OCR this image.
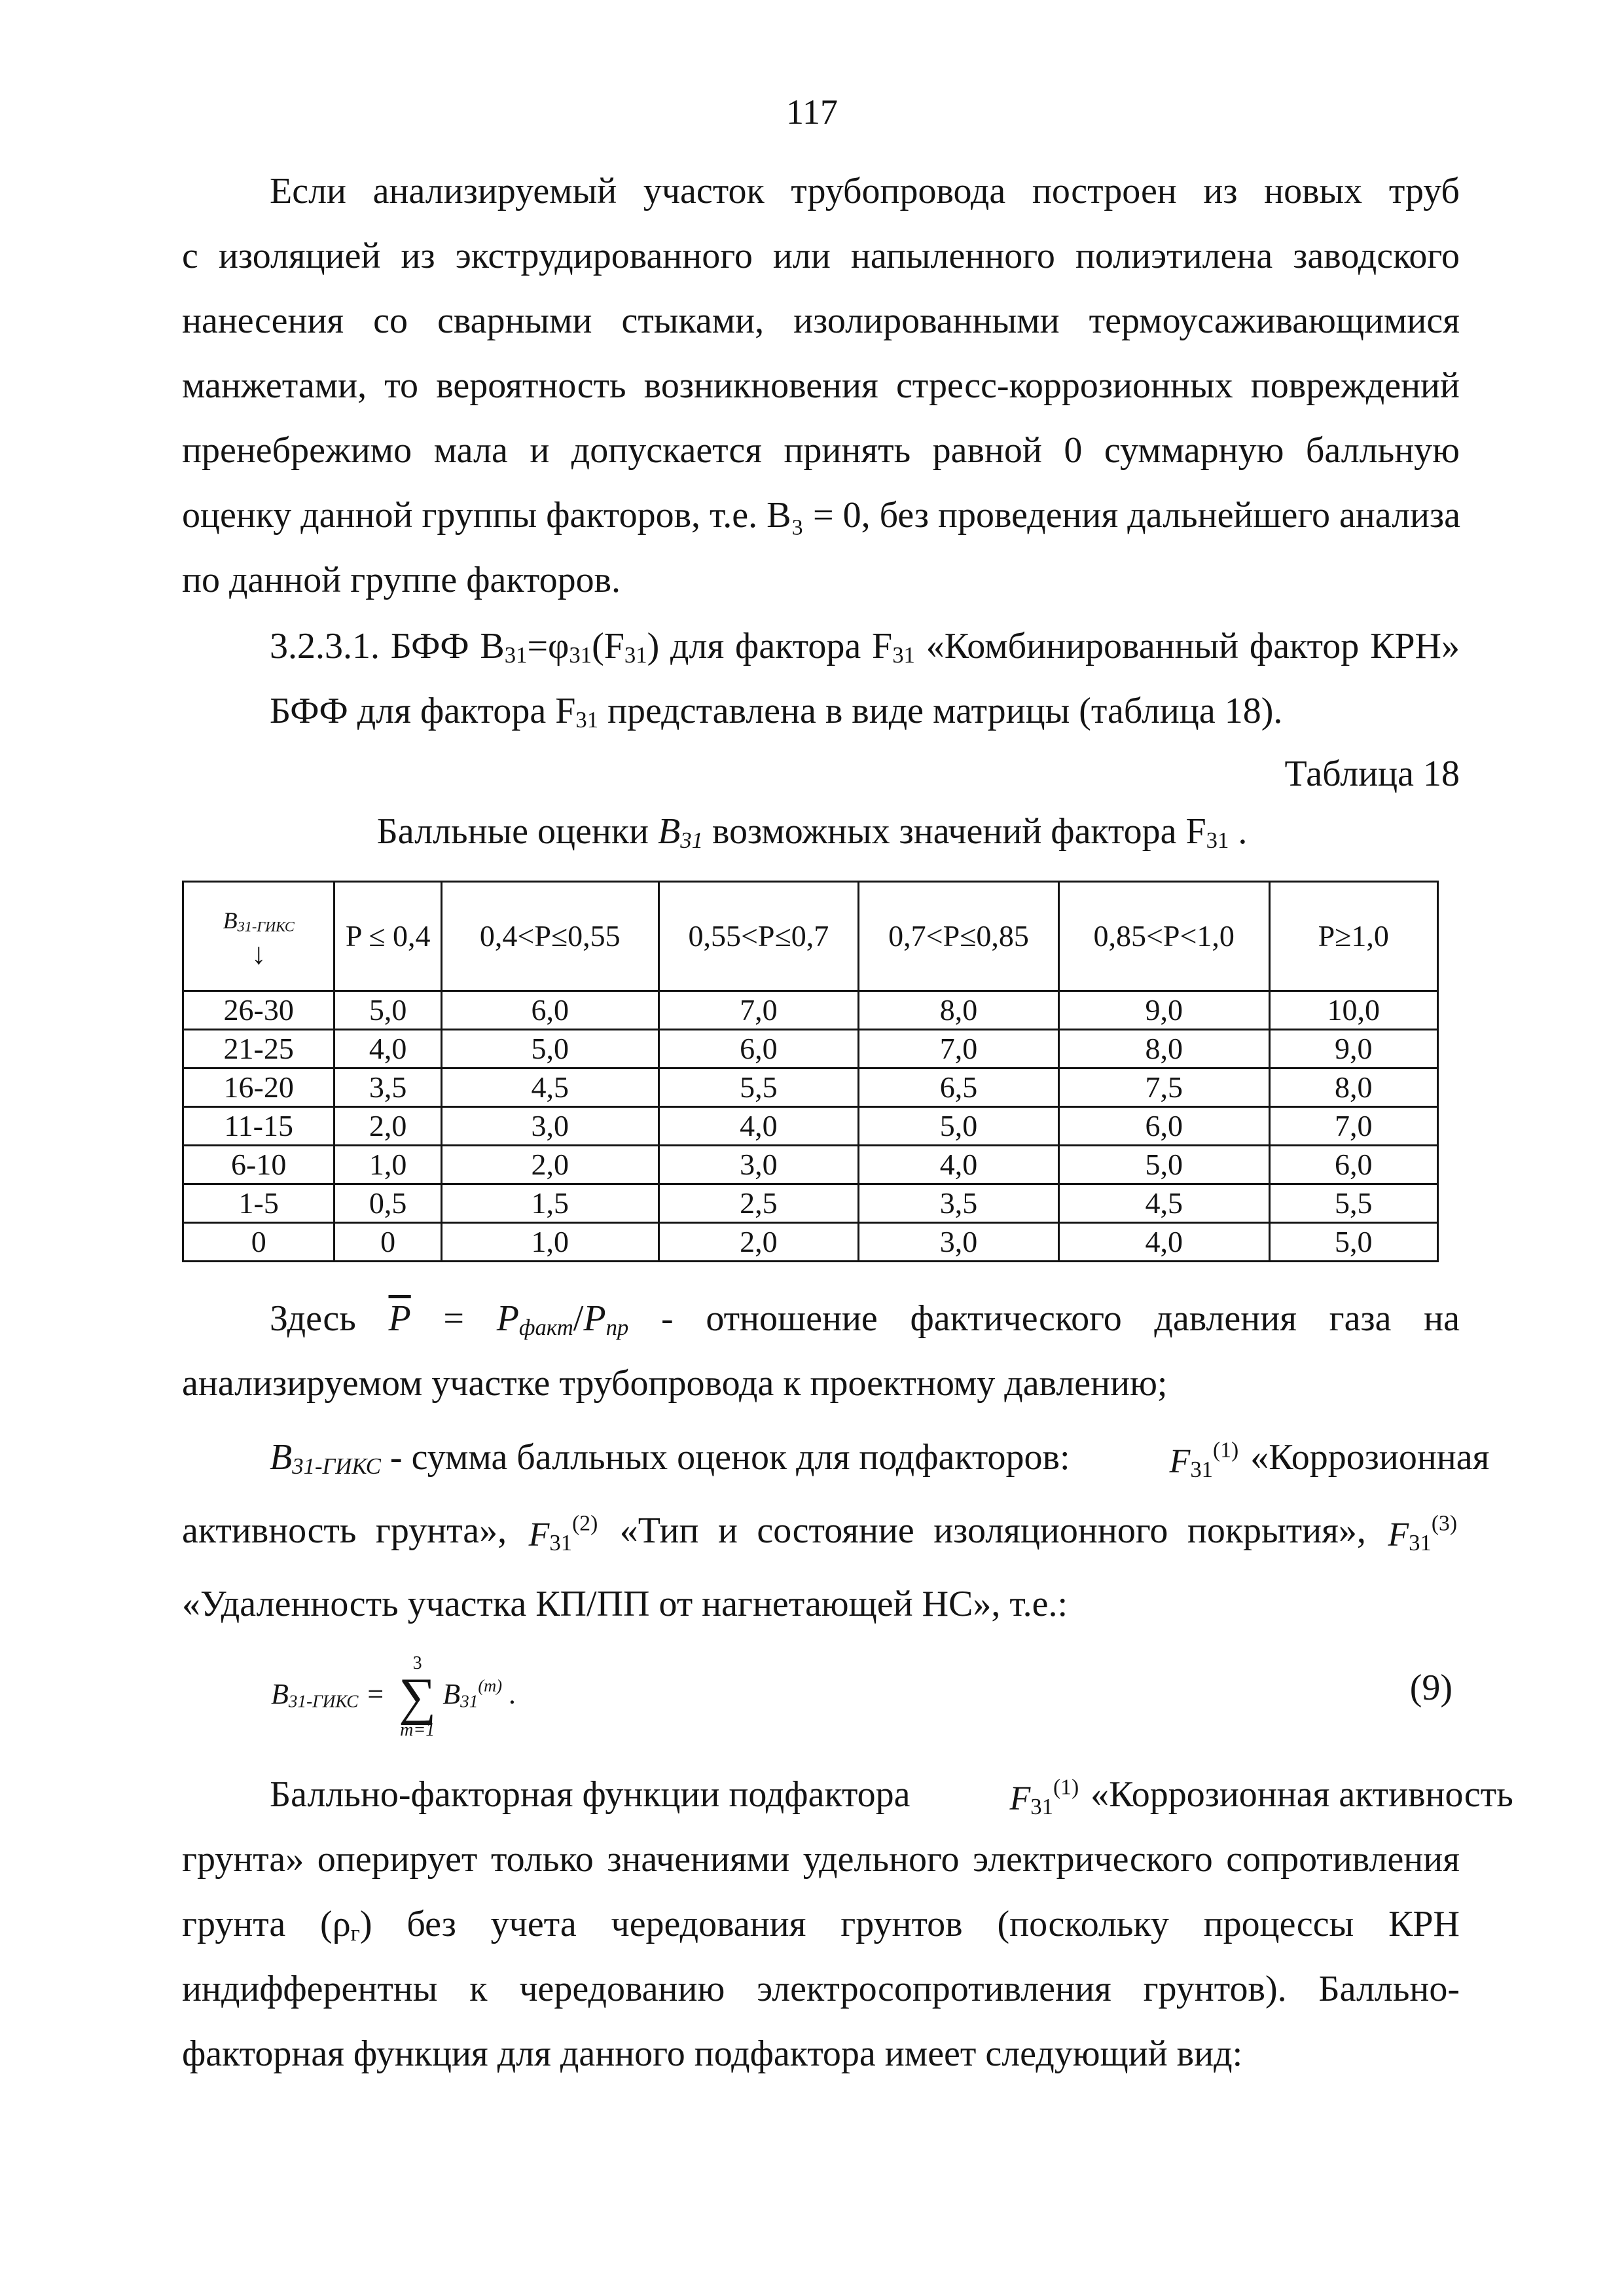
117
Если анализируемый участок трубопровода построен из новых труб
с изоляцией из экструдированного или напыленного полиэтилена заводского
нанесения со сварными стыками, изолированными термоусаживающимися
манжетами, то вероятность возникновения стресс-коррозионных повреждений
пренебрежимо мала и допускается принять равной 0 суммарную балльную
оценку данной группы факторов, т.е. В₃ = 0, без проведения дальнейшего анализа
по данной группе факторов.
3.2.3.1. БФФ $В_{31}=\varphi_{31}(F_{31})$ для фактора $F_{31}$ «Комбинированный фактор КРН»
БФФ для фактора $F_{31}$ представлена в виде матрицы (таблица 18).
Таблица 18
Балльные оценки $B_{31}$ возможных значений фактора $F_{31}$ .
$B_{31-ГИКС}$
↓	P ≤ 0,4	0,4<P≤0,55	0,55<P≤0,7	0,7<P≤0,85	0,85<P<1,0	P≥1,0
26-30	5,0	6,0	7,0	8,0	9,0	10,0
21-25	4,0	5,0	6,0	7,0	8,0	9,0
16-20	3,5	4,5	5,5	6,5	7,5	8,0
11-15	2,0	3,0	4,0	5,0	6,0	7,0
6-10	1,0	2,0	3,0	4,0	5,0	6,0
1-5	0,5	1,5	2,5	3,5	4,5	5,5
0	0	1,0	2,0	3,0	4,0	5,0
Здесь $\overline{P} = P_{факт}/P_{пр}$ - отношение фактического давления газа на
анализируемом участке трубопровода к проектному давлению;
$B_{31-ГИКС}$ - сумма балльных оценок для подфакторов:	$F_{31}^{(1)}$ «Коррозионная
активность грунта», $F_{31}^{(2)}$ «Тип и состояние изоляционного покрытия», $F_{31}^{(3)}$
«Удаленность участка КП/ПП от нагнетающей НС», т.е.:
$B_{31-ГИКС}$ =
3
∑
m=1
$B_{31}^{(m)}$ .	(9)
Балльно-факторная функции подфактора	$F_{31}^{(1)}$ «Коррозионная активность
грунта» оперирует только значениями удельного электрического сопротивления
грунта $(\rho_г)$ без учета чередования грунтов (поскольку процессы КРН
индифферентны к чередованию электросопротивления грунтов). Балльно-
факторная функция для данного подфактора имеет следующий вид:
